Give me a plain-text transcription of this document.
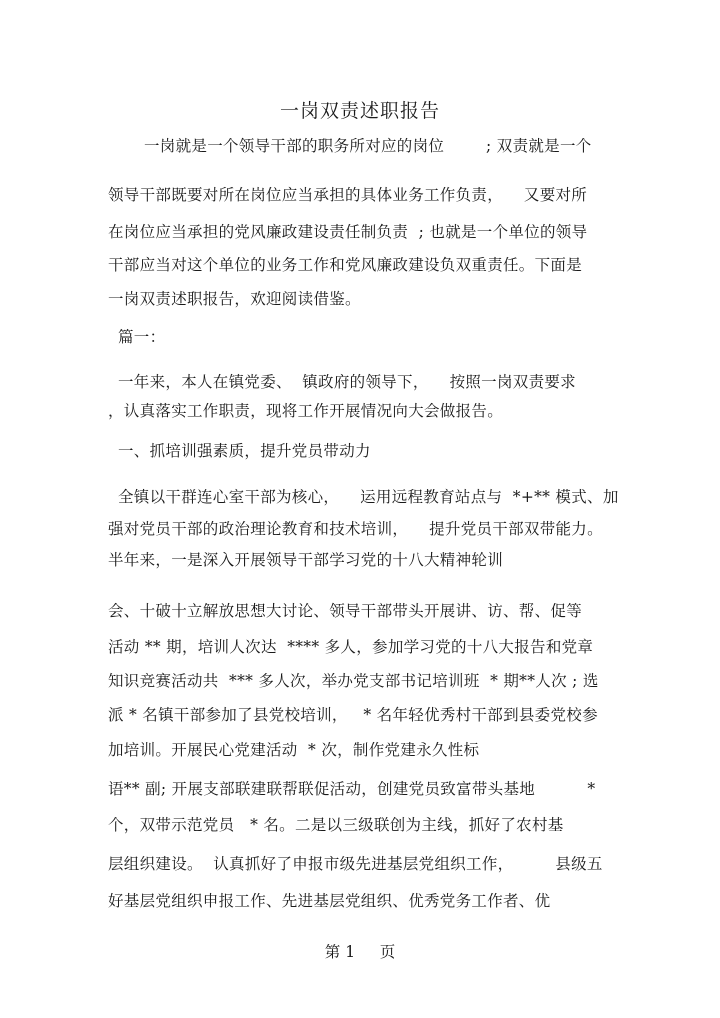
一岗双责述职报告
一岗就是一个领导干部的职务所对应的岗位        ; 双责就是一个
领导干部既要对所在岗位应当承担的具体业务工作负责，    又要对所
在岗位应当承担的党风廉政建设责任制负责  ; 也就是一个单位的领导
干部应当对这个单位的业务工作和党风廉政建设负双重责任。下面是
一岗双责述职报告，欢迎阅读借鉴。
篇一：
一年来，本人在镇党委、  镇政府的领导下，    按照一岗双责要求
，认真落实工作职责，现将工作开展情况向大会做报告。
一、抓培训强素质，提升党员带动力
全镇以干群连心室干部为核心，    运用远程教育站点与  *+** 模式、加
强对党员干部的政治理论教育和技术培训，    提升党员干部双带能力。
半年来，一是深入开展领导干部学习党的十八大精神轮训
会、十破十立解放思想大讨论、领导干部带头开展讲、访、帮、促等
活动 ** 期，培训人次达  **** 多人，参加学习党的十八大报告和党章
知识竞赛活动共  *** 多人次，举办党支部书记培训班  * 期**人次 ; 选
派 * 名镇干部参加了县党校培训，   * 名年轻优秀村干部到县委党校参
加培训。开展民心党建活动  * 次，制作党建永久性标
语** 副; 开展支部联建联帮联促活动，创建党员致富带头基地          *
个，双带示范党员   * 名。二是以三级联创为主线，抓好了农村基
层组织建设。  认真抓好了申报市级先进基层党组织工作，        县级五
好基层党组织申报工作、先进基层党组织、优秀党务工作者、优
第 1     页
